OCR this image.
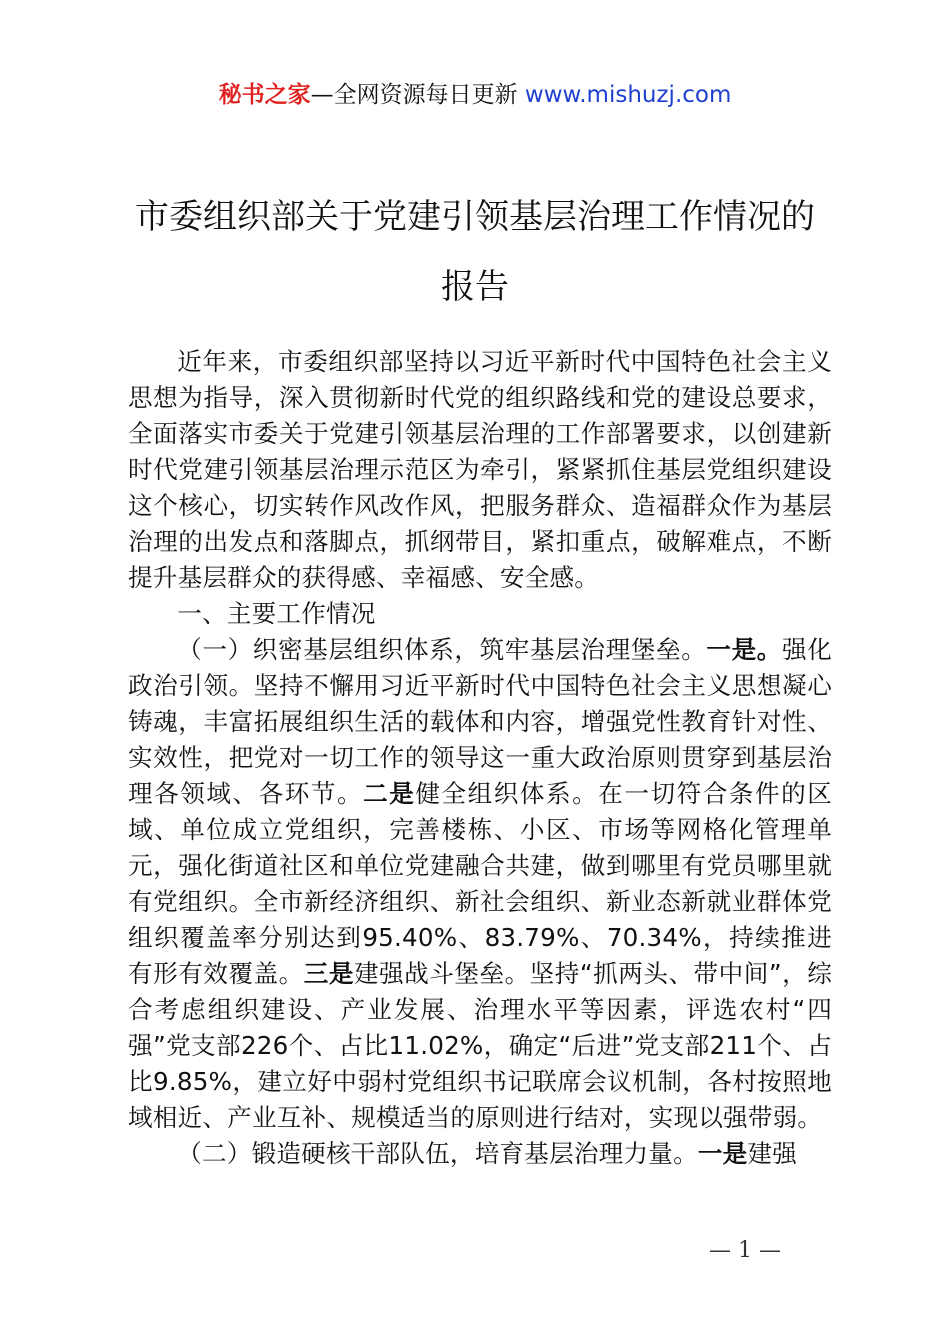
秘书之家—全网资源每日更新 www.mishuzj.com
市委组织部关于党建引领基层治理工作情况的报告

近年来，市委组织部坚持以习近平新时代中国特色社会主义思想为指导，深入贯彻新时代党的组织路线和党的建设总要求，全面落实市委关于党建引领基层治理的工作部署要求，以创建新时代党建引领基层治理示范区为牵引，紧紧抓住基层党组织建设这个核心，切实转作风改作风，把服务群众、造福群众作为基层治理的出发点和落脚点，抓纲带目，紧扣重点，破解难点，不断提升基层群众的获得感、幸福感、安全感。

一、主要工作情况

（一）织密基层组织体系，筑牢基层治理堡垒。一是。强化政治引领。坚持不懈用习近平新时代中国特色社会主义思想凝心铸魂，丰富拓展组织生活的载体和内容，增强党性教育针对性、实效性，把党对一切工作的领导这一重大政治原则贯穿到基层治理各领域、各环节。二是健全组织体系。在一切符合条件的区域、单位成立党组织，完善楼栋、小区、市场等网格化管理单元，强化街道社区和单位党建融合共建，做到哪里有党员哪里就有党组织。全市新经济组织、新社会组织、新业态新就业群体党组织覆盖率分别达到95.40%、83.79%、70.34%，持续推进有形有效覆盖。三是建强战斗堡垒。坚持“抓两头、带中间”，综合考虑组织建设、产业发展、治理水平等因素，评选农村“四强”党支部226个、占比11.02%，确定“后进”党支部211个、占比9.85%，建立好中弱村党组织书记联席会议机制，各村按照地域相近、产业互补、规模适当的原则进行结对，实现以强带弱。

（二）锻造硬核干部队伍，培育基层治理力量。一是建强

— 1 —
